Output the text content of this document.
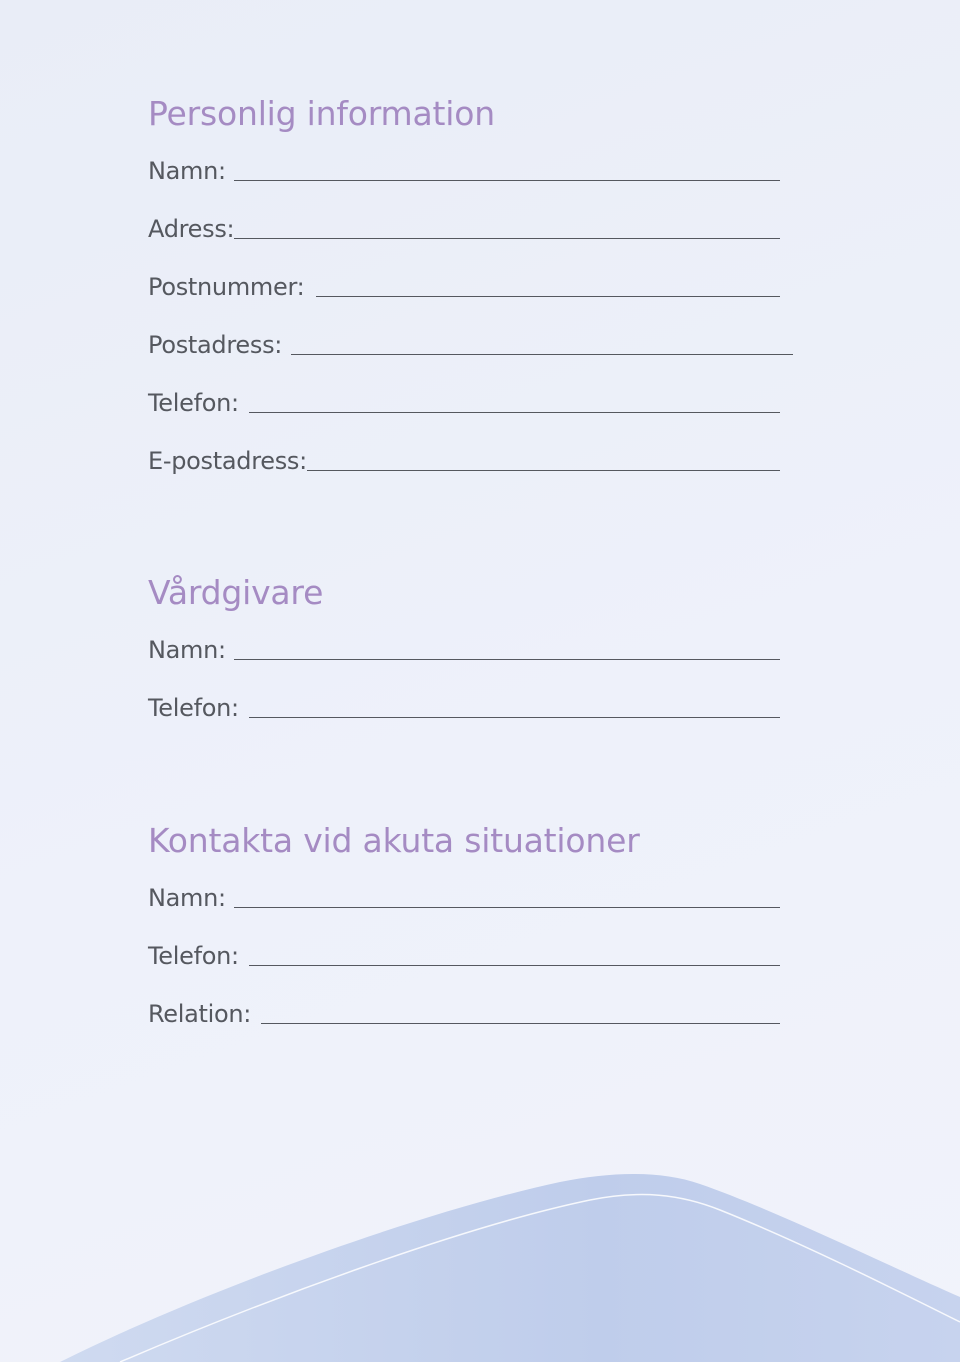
Personlig information
Namn:
Adress:
Postnummer:
Postadress:
Telefon:
E-postadress:
Vårdgivare
Namn:
Telefon:
Kontakta vid akuta situationer
Namn:
Telefon:
Relation:
